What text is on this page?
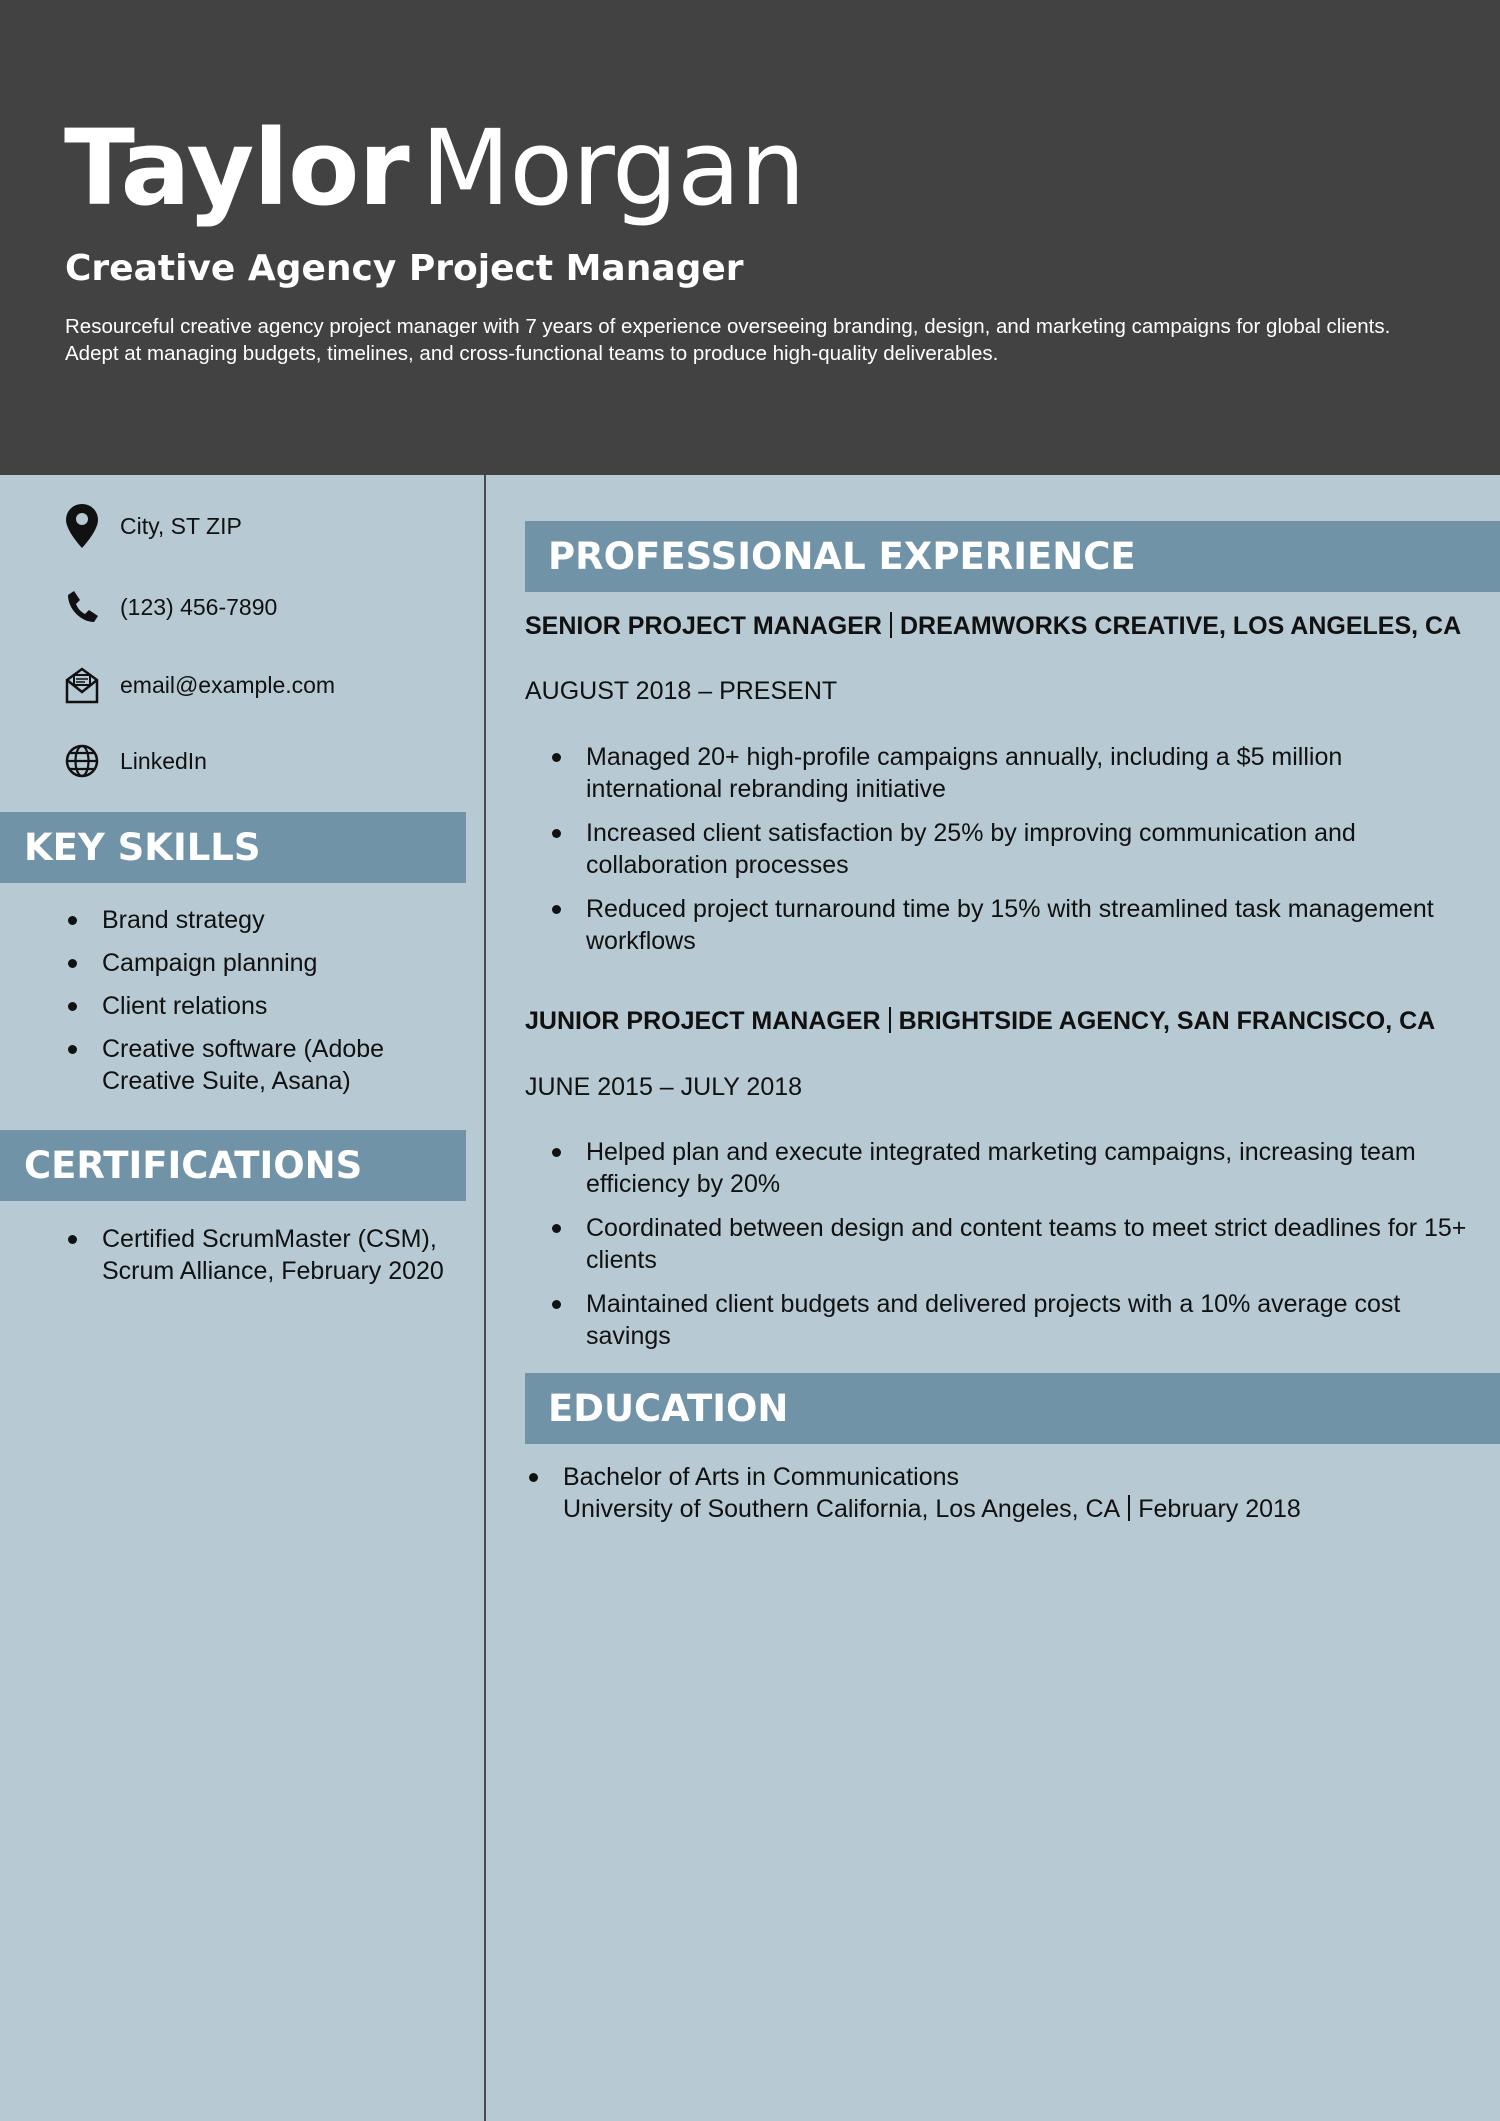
Taylor Morgan
Creative Agency Project Manager
Resourceful creative agency project manager with 7 years of experience overseeing branding, design, and marketing campaigns for global clients. Adept at managing budgets, timelines, and cross-functional teams to produce high-quality deliverables.
City, ST ZIP
(123) 456-7890
email@example.com
LinkedIn
KEY SKILLS
Brand strategy
Campaign planning
Client relations
Creative software (Adobe Creative Suite, Asana)
CERTIFICATIONS
Certified ScrumMaster (CSM), Scrum Alliance, February 2020
PROFESSIONAL EXPERIENCE
SENIOR PROJECT MANAGER DREAMWORKS CREATIVE, LOS ANGELES, CA
AUGUST 2018 – PRESENT
Managed 20+ high-profile campaigns annually, including a $5 million international rebranding initiative
Increased client satisfaction by 25% by improving communication and collaboration processes
Reduced project turnaround time by 15% with streamlined task management workflows
JUNIOR PROJECT MANAGER BRIGHTSIDE AGENCY, SAN FRANCISCO, CA
JUNE 2015 – JULY 2018
Helped plan and execute integrated marketing campaigns, increasing team efficiency by 20%
Coordinated between design and content teams to meet strict deadlines for 15+ clients
Maintained client budgets and delivered projects with a 10% average cost savings
EDUCATION
Bachelor of Arts in Communications
University of Southern California, Los Angeles, CA February 2018
